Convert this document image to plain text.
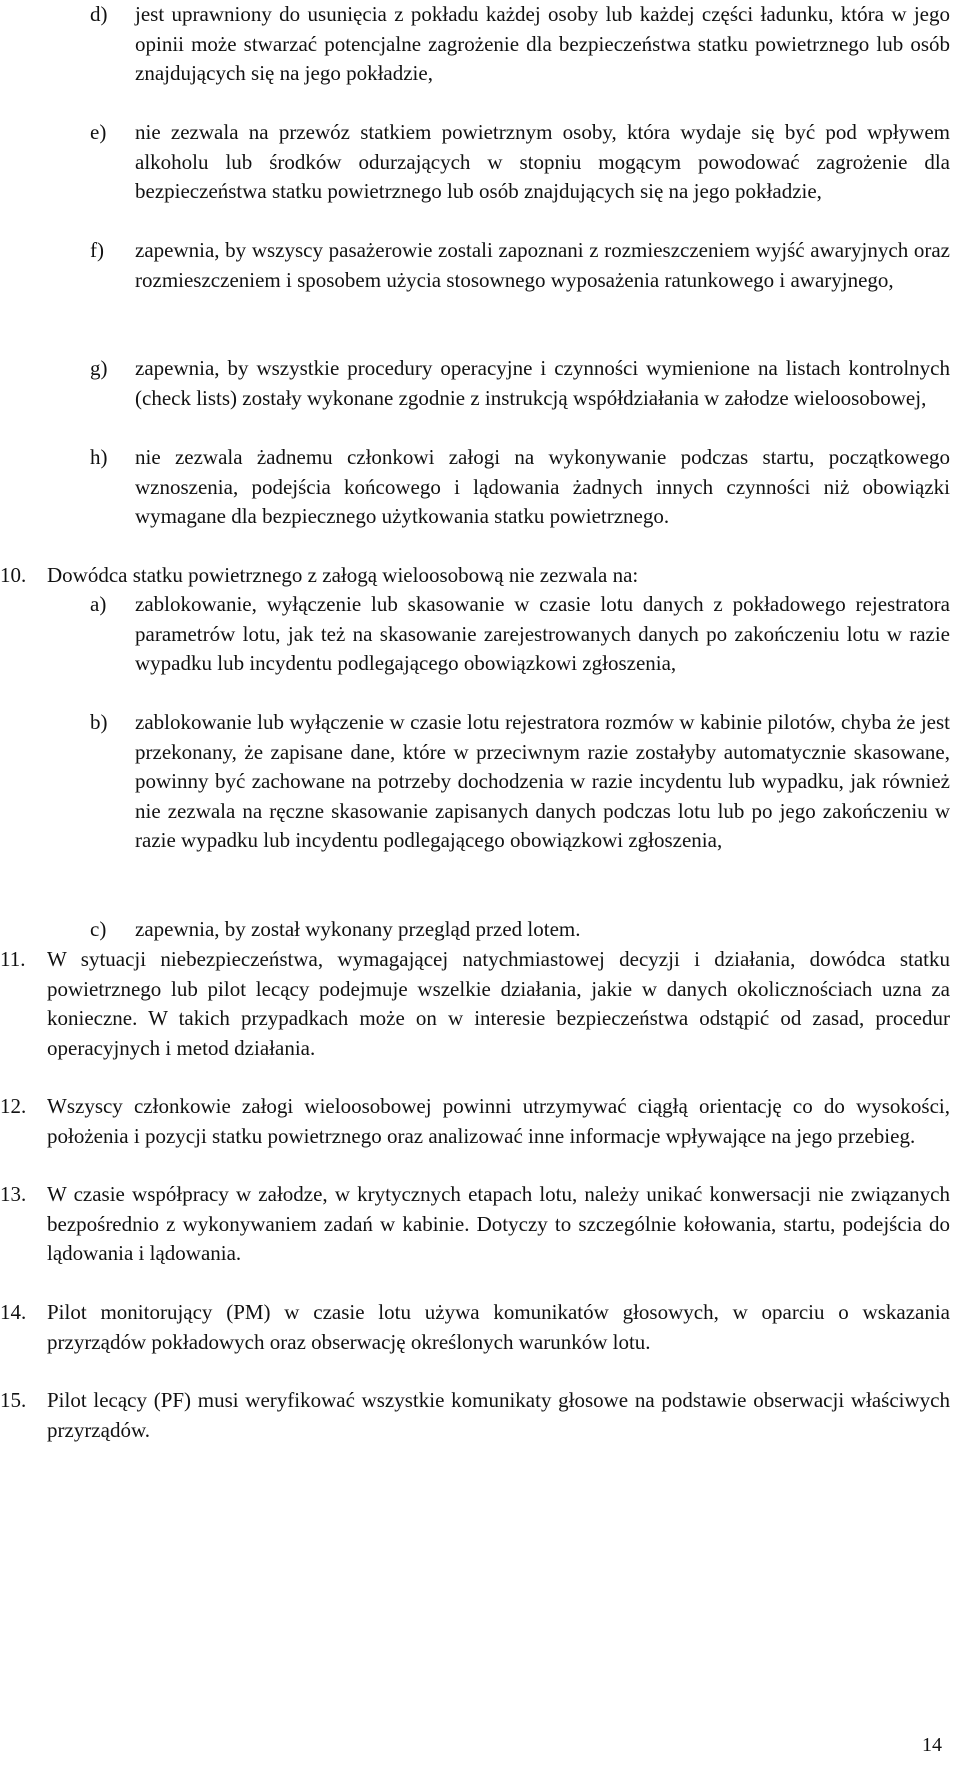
d) jest uprawniony do usunięcia z pokładu każdej osoby lub każdej części ładunku, która w jego opinii może stwarzać potencjalne zagrożenie dla bezpieczeństwa statku powietrznego lub osób znajdujących się na jego pokładzie,
e) nie zezwala na przewóz statkiem powietrznym osoby, która wydaje się być pod wpływem alkoholu lub środków odurzających w stopniu mogącym powodować zagrożenie dla bezpieczeństwa statku powietrznego lub osób znajdujących się na jego pokładzie,
f) zapewnia, by wszyscy pasażerowie zostali zapoznani z rozmieszczeniem wyjść awaryjnych oraz rozmieszczeniem i sposobem użycia stosownego wyposażenia ratunkowego i awaryjnego,
g) zapewnia, by wszystkie procedury operacyjne i czynności wymienione na listach kontrolnych (check lists) zostały wykonane zgodnie z instrukcją współdziałania w załodze wieloosobowej,
h) nie zezwala żadnemu członkowi załogi na wykonywanie podczas startu, początkowego wznoszenia, podejścia końcowego i lądowania żadnych innych czynności niż obowiązki wymagane dla bezpiecznego użytkowania statku powietrznego.
10. Dowódca statku powietrznego z załogą wieloosobową nie zezwala na:
a) zablokowanie, wyłączenie lub skasowanie w czasie lotu danych z pokładowego rejestratora parametrów lotu, jak też na skasowanie zarejestrowanych danych po zakończeniu lotu w razie wypadku lub incydentu podlegającego obowiązkowi zgłoszenia,
b) zablokowanie lub wyłączenie w czasie lotu rejestratora rozmów w kabinie pilotów, chyba że jest przekonany, że zapisane dane, które w przeciwnym razie zostałyby automatycznie skasowane, powinny być zachowane na potrzeby dochodzenia w razie incydentu lub wypadku, jak również nie zezwala na ręczne skasowanie zapisanych danych podczas lotu lub po jego zakończeniu w razie wypadku lub incydentu podlegającego obowiązkowi zgłoszenia,
c) zapewnia, by został wykonany przegląd przed lotem.
11. W sytuacji niebezpieczeństwa, wymagającej natychmiastowej decyzji i działania, dowódca statku powietrznego lub pilot lecący podejmuje wszelkie działania, jakie w danych okolicznościach uzna za konieczne. W takich przypadkach może on w interesie bezpieczeństwa odstąpić od zasad, procedur operacyjnych i metod działania.
12. Wszyscy członkowie załogi wieloosobowej powinni utrzymywać ciągłą orientację co do wysokości, położenia i pozycji statku powietrznego oraz analizować inne informacje wpływające na jego przebieg.
13. W czasie współpracy w załodze, w krytycznych etapach lotu, należy unikać konwersacji nie związanych bezpośrednio z wykonywaniem zadań w kabinie. Dotyczy to szczególnie kołowania, startu, podejścia do lądowania i lądowania.
14. Pilot monitorujący (PM) w czasie lotu używa komunikatów głosowych, w oparciu o wskazania przyrządów pokładowych oraz obserwację określonych warunków lotu.
15. Pilot lecący (PF) musi weryfikować wszystkie komunikaty głosowe na podstawie obserwacji właściwych przyrządów.
14
